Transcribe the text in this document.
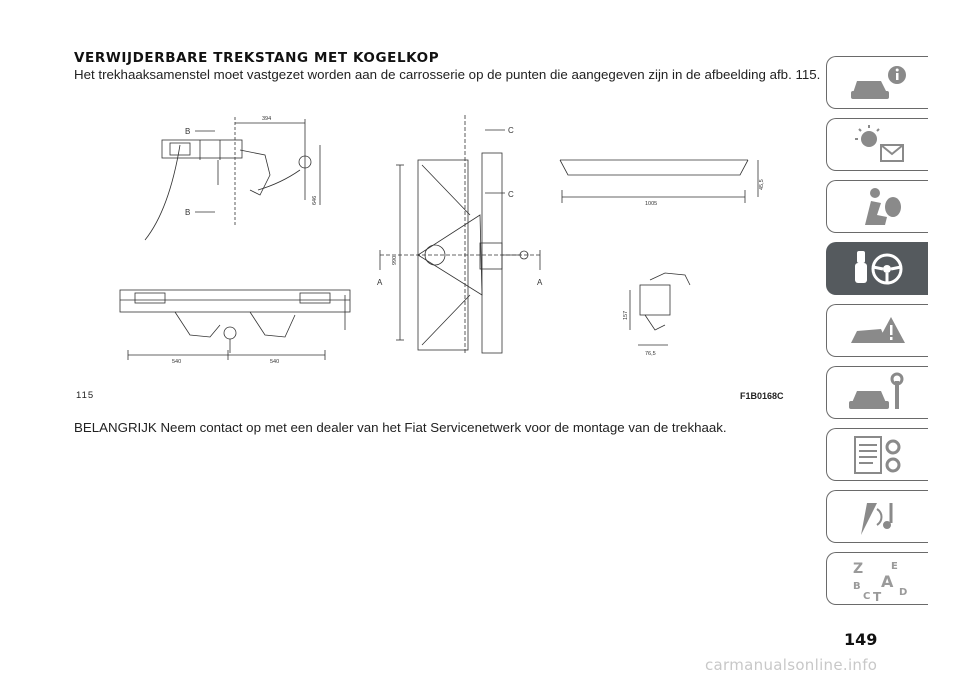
VERWIJDERBARE TREKSTANG MET KOGELKOP
Het trekhaaksamenstel moet vastgezet worden aan de carrosserie op de punten die aangegeven zijn in de afbeelding afb. 115.
B
B
394
646
C
C
A	A
990
1005
45,5
157
76,5
540	540
115	F1B0168C
BELANGRIJK Neem contact op met een dealer van het Fiat Servicenetwerk voor de montage van de trekhaak.
149
carmanualsonline.info
Z	E
B A
C	D
T
